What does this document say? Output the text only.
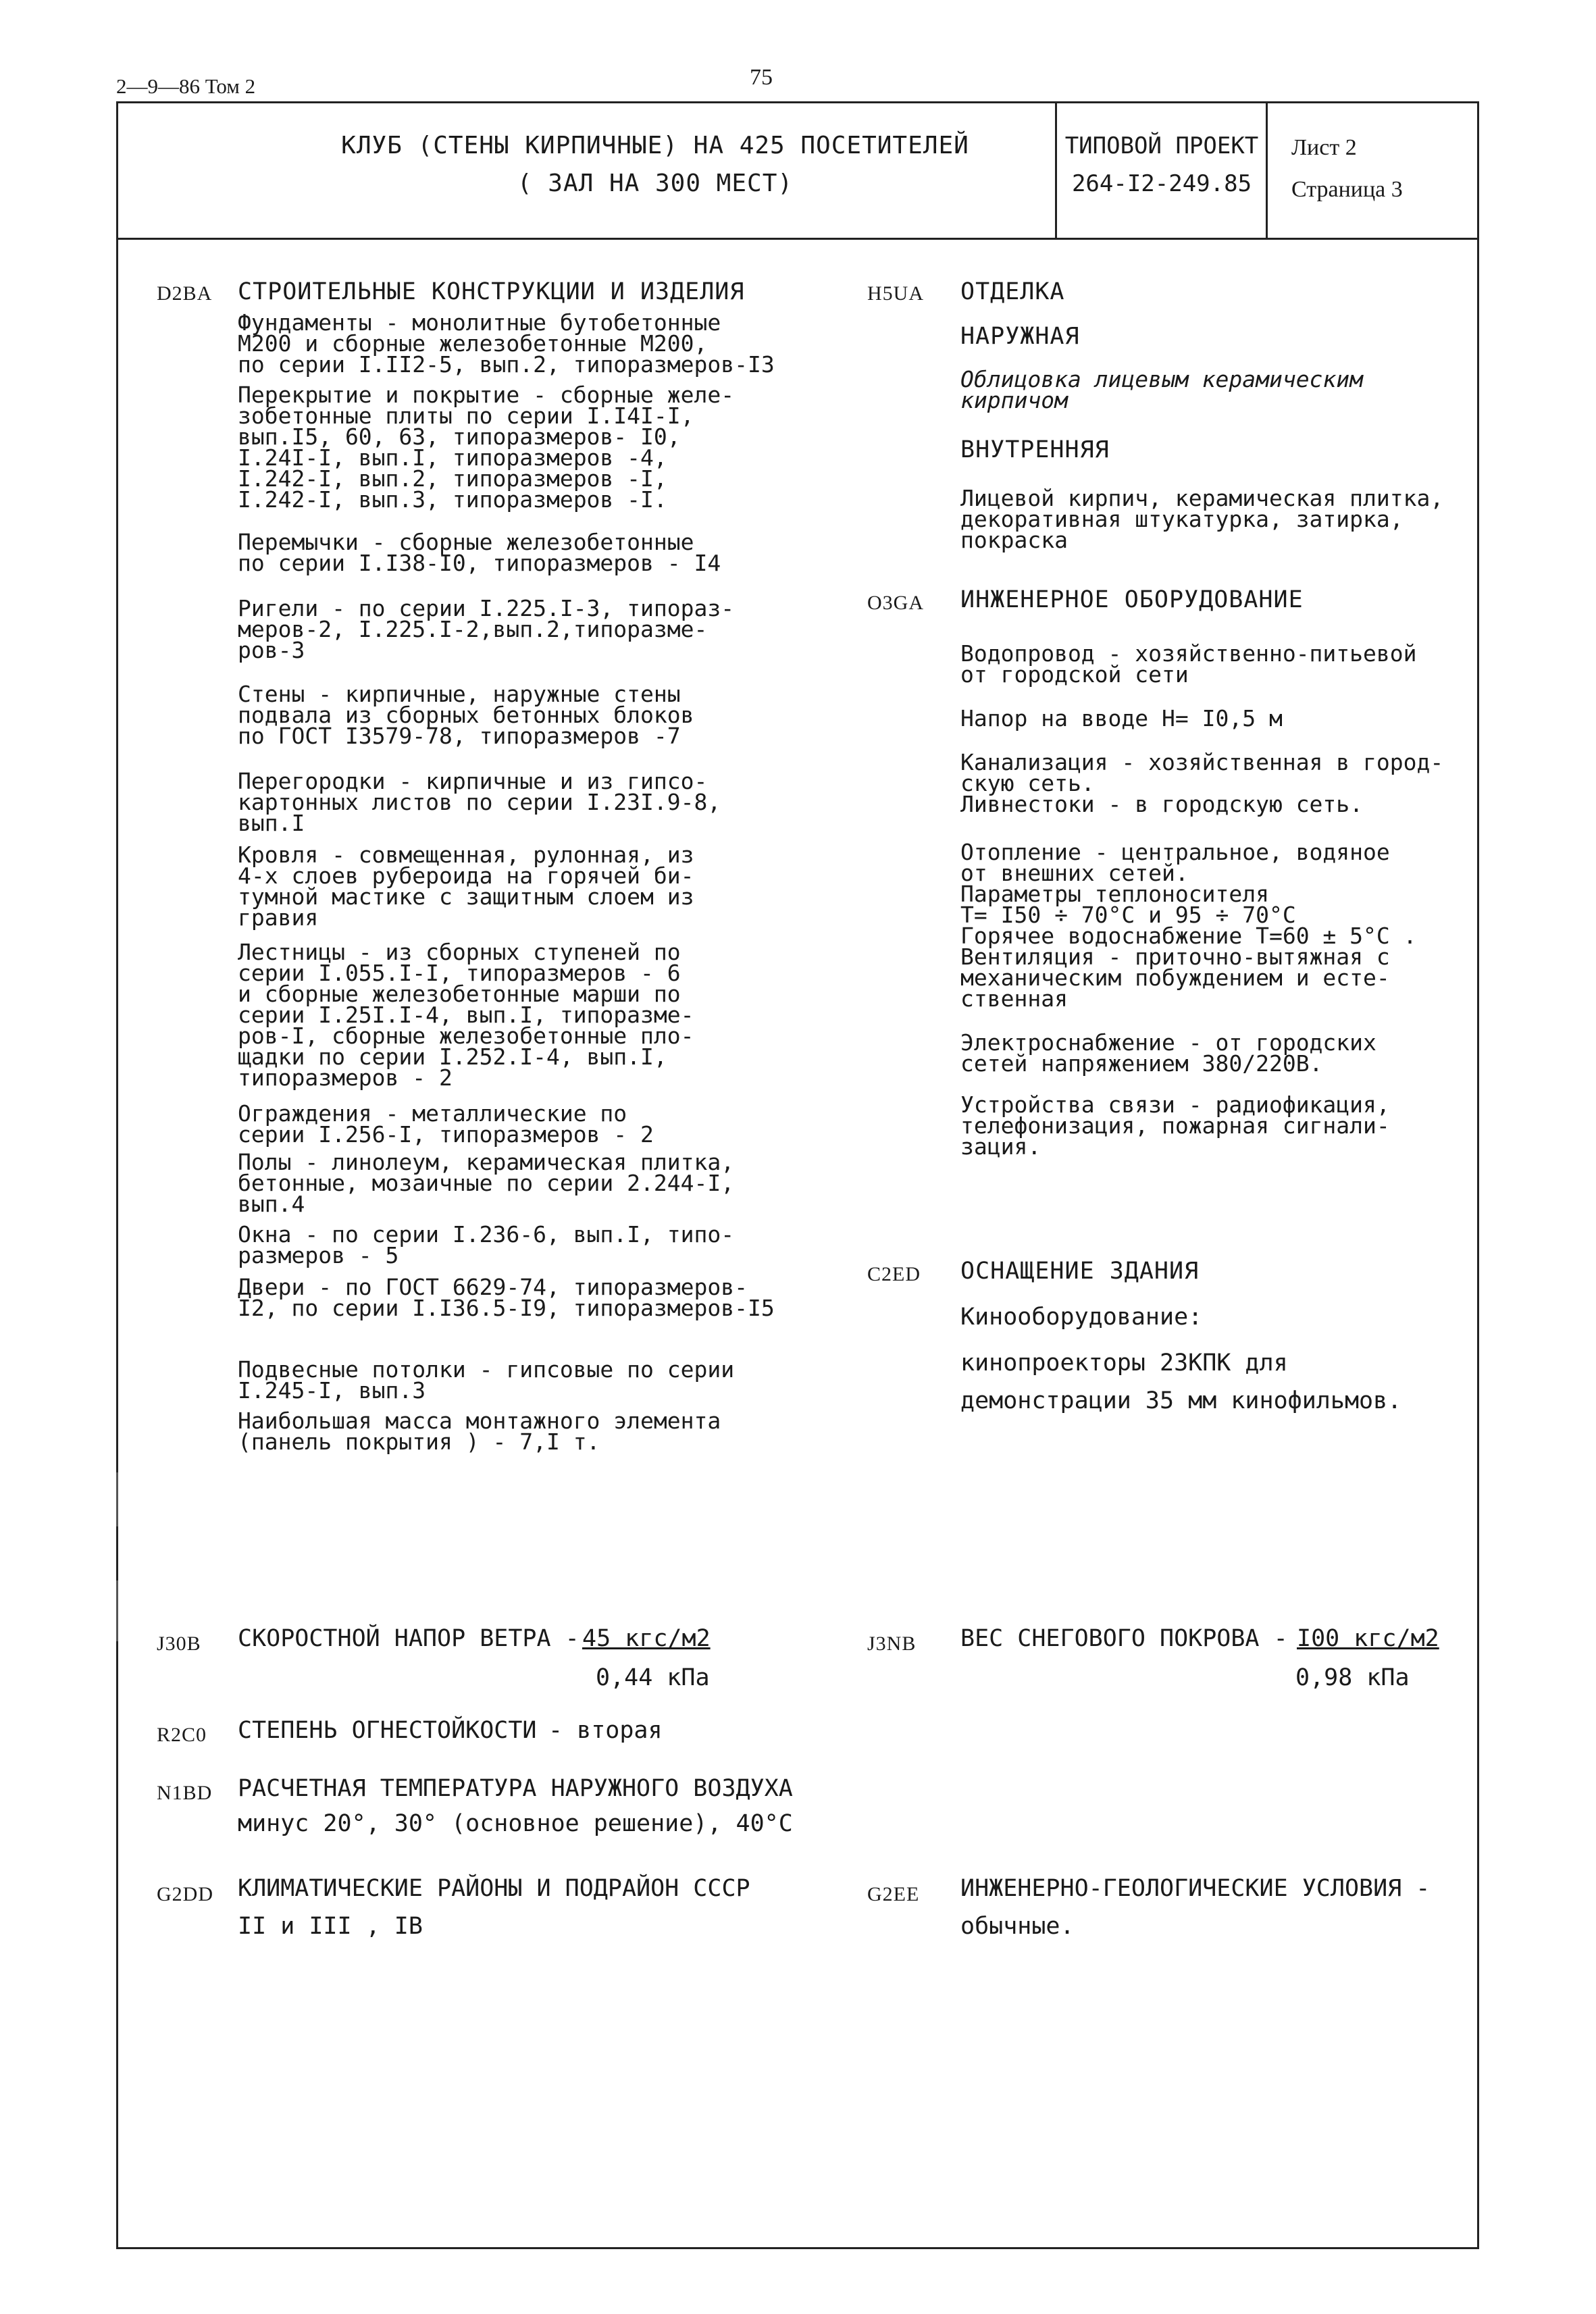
2—9—86 Том 2	75
КЛУБ (СТЕНЫ КИРПИЧНЫЕ) НА 425 ПОСЕТИТЕЛЕЙ
( ЗАЛ НА 300 МЕСТ)
ТИПОВОЙ ПРОЕКТ
264-I2-249.85
Лист 2
Страница 3
D2BA СТРОИТЕЛЬНЫЕ КОНСТРУКЦИИ И ИЗДЕЛИЯ
Фундаменты - монолитные бутобетонные
М200 и сборные железобетонные М200,
по серии I.II2-5, вып.2, типоразмеров-I3
Перекрытие и покрытие - сборные желе-
зобетонные плиты по серии I.I4I-I,
вып.I5, 60, 63, типоразмеров- I0,
I.24I-I, вып.I, типоразмеров -4,
I.242-I, вып.2, типоразмеров -I,
I.242-I, вып.3, типоразмеров -I.
Перемычки - сборные железобетонные
по серии I.I38-I0, типоразмеров - I4
Ригели - по серии I.225.I-3, типораз-
меров-2, I.225.I-2,вып.2,типоразме-
ров-3
Стены - кирпичные, наружные стены
подвала из сборных бетонных блоков
по ГОСТ I3579-78, типоразмеров -7
Перегородки - кирпичные и из гипсо-
картонных листов по серии I.23I.9-8,
вып.I
Кровля - совмещенная, рулонная, из
4-х слоев рубероида на горячей би-
тумной мастике с защитным слоем из
гравия
Лестницы - из сборных ступеней по
серии I.055.I-I, типоразмеров - 6
и сборные железобетонные марши по
серии I.25I.I-4, вып.I, типоразме-
ров-I, сборные железобетонные пло-
щадки по серии I.252.I-4, вып.I,
типоразмеров - 2
Ограждения - металлические по
серии I.256-I, типоразмеров - 2
Полы - линолеум, керамическая плитка,
бетонные, мозаичные по серии 2.244-I,
вып.4
Окна - по серии I.236-6, вып.I, типо-
размеров - 5
Двери - по ГОСТ 6629-74, типоразмеров-
I2, по серии I.I36.5-I9, типоразмеров-I5
Подвесные потолки - гипсовые по серии
I.245-I, вып.3
Наибольшая масса монтажного элемента
(панель покрытия ) - 7,I т.
J30B СКОРОСТНОЙ НАПОР ВЕТРА - 45 кгс/м2
0,44 кПа
R2C0 СТЕПЕНЬ ОГНЕСТОЙКОСТИ - вторая
N1BD РАСЧЕТНАЯ ТЕМПЕРАТУРА НАРУЖНОГО ВОЗДУХА
минус 20°, 30° (основное решение), 40°С
G2DD КЛИМАТИЧЕСКИЕ РАЙОНЫ И ПОДРАЙОН СССР
II и III , IВ
H5UA ОТДЕЛКА
НАРУЖНАЯ
Облицовка лицевым керамическим
кирпичом
ВНУТРЕННЯЯ
Лицевой кирпич, керамическая плитка,
декоративная штукатурка, затирка,
покраска
O3GA ИНЖЕНЕРНОЕ ОБОРУДОВАНИЕ
Водопровод - хозяйственно-питьевой
от городской сети
Напор на вводе Н= I0,5 м
Канализация - хозяйственная в город-
скую сеть.
Ливнестоки - в городскую сеть.
Отопление - центральное, водяное
от внешних сетей.
Параметры теплоносителя
Т= I50 ÷ 70°С и 95 ÷ 70°С
Горячее водоснабжение Т=60 ± 5°С .
Вентиляция - приточно-вытяжная с
механическим побуждением и есте-
ственная
Электроснабжение - от городских
сетей напряжением 380/220В.
Устройства связи - радиофикация,
телефонизация, пожарная сигнали-
зация.
C2ED ОСНАЩЕНИЕ ЗДАНИЯ
Кинооборудование:
кинопроекторы 23КПК для
демонстрации 35 мм кинофильмов.
J3NB ВЕС СНЕГОВОГО ПОКРОВА - I00 кгс/м2
0,98 кПа
G2EE ИНЖЕНЕРНО-ГЕОЛОГИЧЕСКИЕ УСЛОВИЯ -
обычные.
